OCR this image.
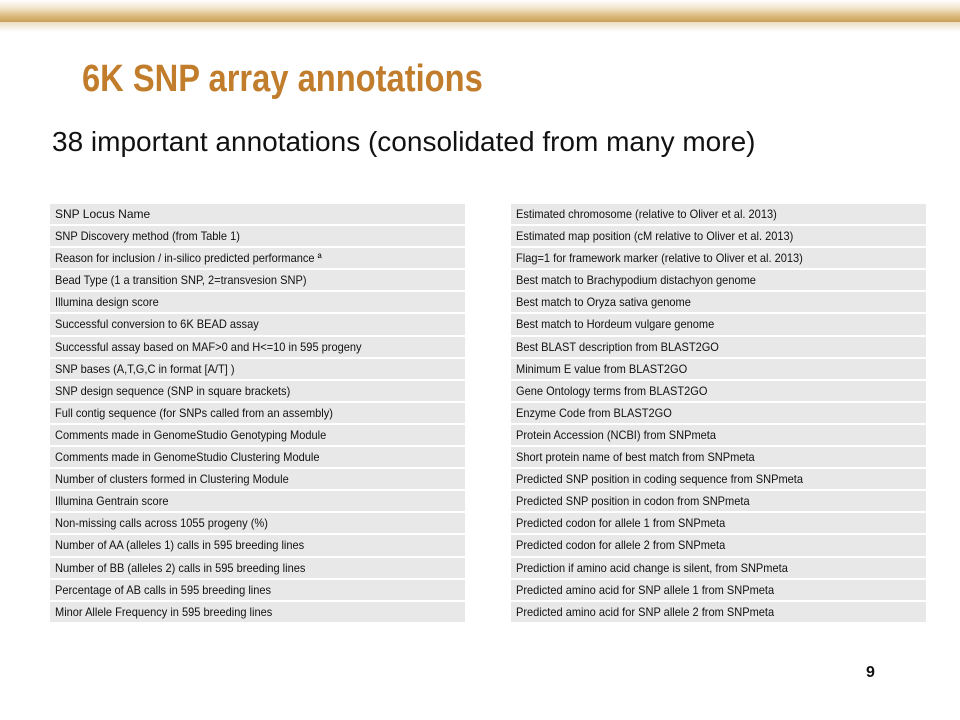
6K SNP array annotations
38 important annotations (consolidated from many more)
SNP Locus Name
SNP Discovery method (from Table 1)
Reason for inclusion / in-silico predicted performance ª
Bead Type (1 a transition SNP, 2=transvesion SNP)
Illumina design score
Successful conversion to 6K BEAD assay
Successful assay based on MAF>0 and H<=10 in 595 progeny
SNP bases (A,T,G,C in format [A/T] )
SNP design sequence (SNP in square brackets)
Full contig sequence (for SNPs called from an assembly)
Comments made in GenomeStudio Genotyping Module
Comments made in GenomeStudio Clustering Module
Number of clusters formed in Clustering Module
Illumina Gentrain score
Non-missing calls across 1055 progeny (%)
Number of AA (alleles 1) calls in 595 breeding lines
Number of BB (alleles 2) calls in 595 breeding lines
Percentage of AB calls in 595 breeding lines
Minor Allele Frequency in 595 breeding lines
Estimated chromosome (relative to Oliver et al. 2013)
Estimated map position (cM relative to Oliver et al. 2013)
Flag=1 for framework marker (relative to Oliver et al. 2013)
Best match to Brachypodium distachyon genome
Best match to Oryza sativa genome
Best match to Hordeum vulgare genome
Best BLAST description from BLAST2GO
Minimum E value from BLAST2GO
Gene Ontology terms from BLAST2GO
Enzyme Code from BLAST2GO
Protein Accession (NCBI) from SNPmeta
Short protein name of best match from SNPmeta
Predicted SNP position in coding sequence from SNPmeta
Predicted SNP position in codon from SNPmeta
Predicted codon for allele 1 from SNPmeta
Predicted codon for allele 2 from SNPmeta
Prediction if amino acid change is silent, from SNPmeta
Predicted amino acid for SNP allele 1 from SNPmeta
Predicted amino acid for SNP allele 2 from SNPmeta
9
